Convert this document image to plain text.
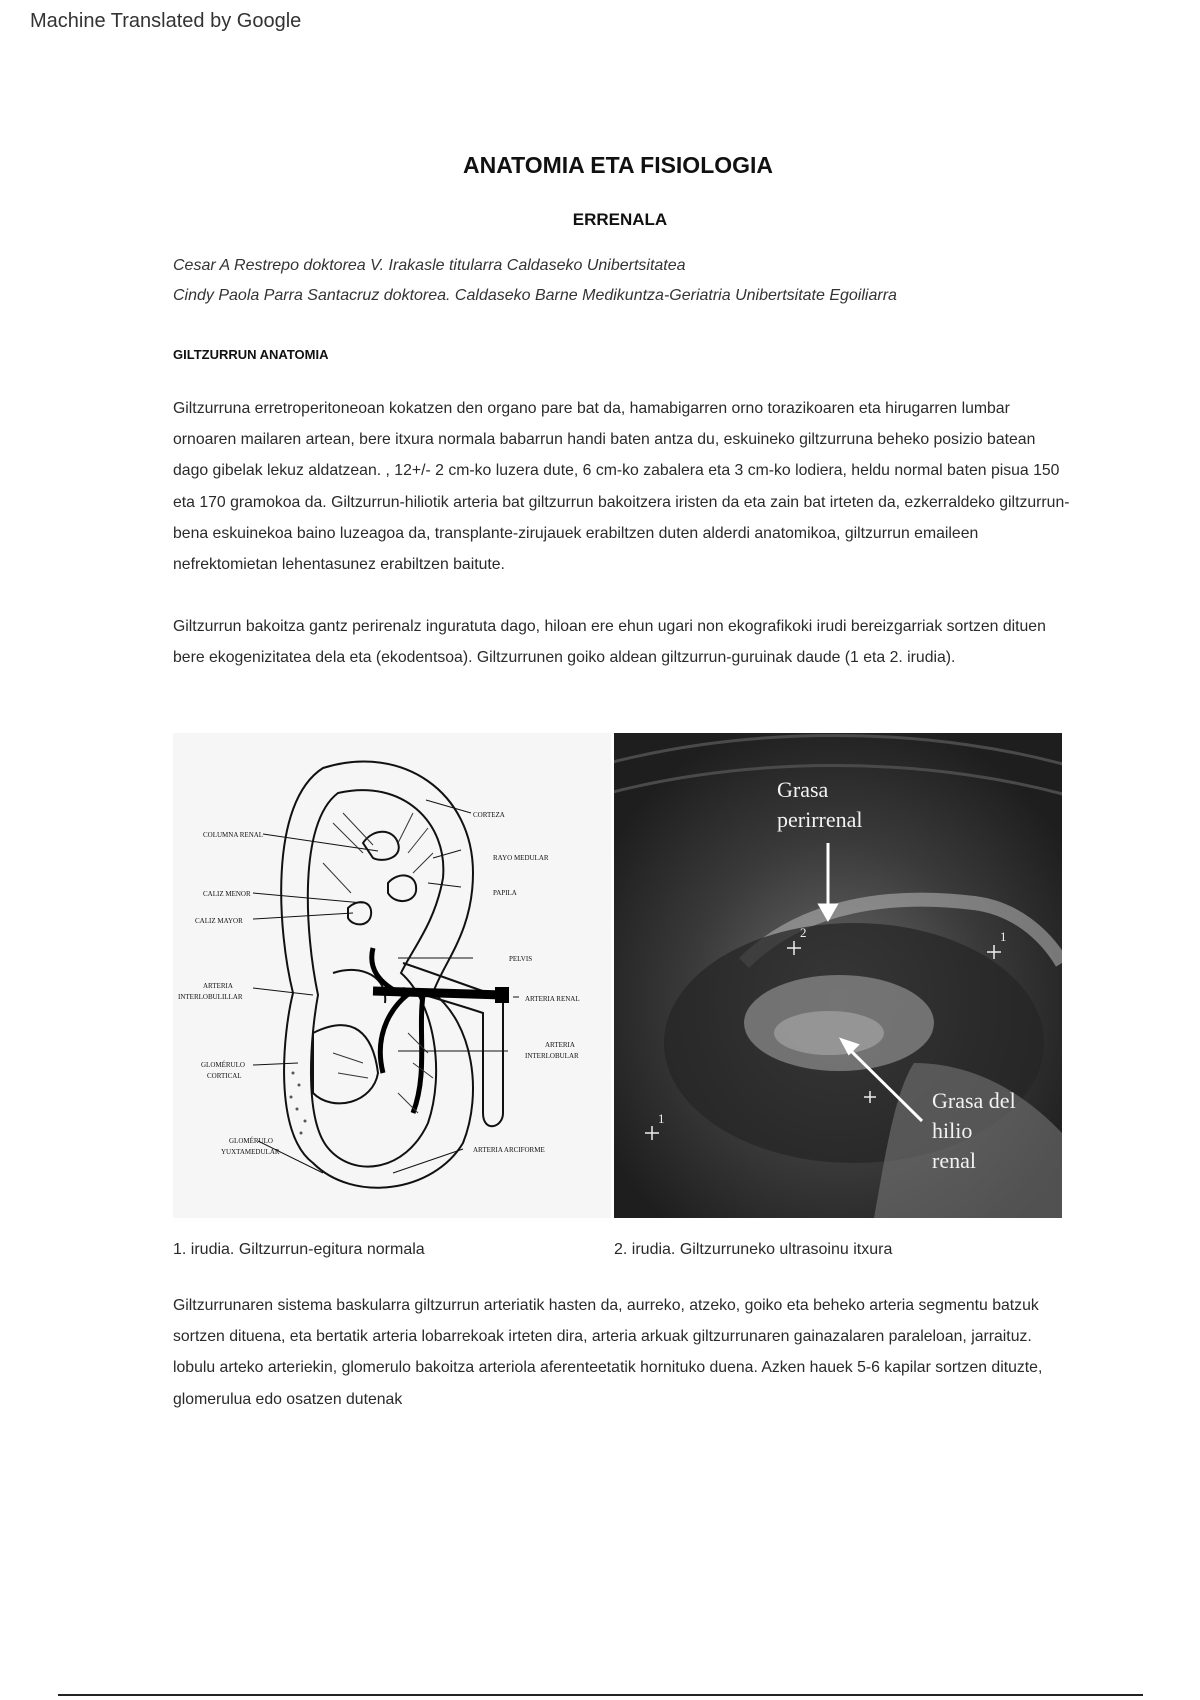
Machine Translated by Google
ANATOMIA ETA FISIOLOGIA
ERRENALA
Cesar A Restrepo doktorea V. Irakasle titularra Caldaseko Unibertsitatea
Cindy Paola Parra Santacruz doktorea. Caldaseko Barne Medikuntza-Geriatria Unibertsitate Egoiliarra
GILTZURRUN ANATOMIA

Giltzurruna erretroperitoneoan kokatzen den organo pare bat da, hamabigarren orno torazikoaren eta hirugarren lumbar ornoaren mailaren artean, bere itxura normala babarrun handi baten antza du, eskuineko giltzurruna beheko posizio batean dago gibelak lekuz aldatzean. , 12+/- 2 cm-ko luzera dute, 6 cm-ko zabalera eta 3 cm-ko lodiera, heldu normal baten pisua 150 eta 170 gramokoa da. Giltzurrun-hiliotik arteria bat giltzurrun bakoitzera iristen da eta zain bat irteten da, ezkerraldeko giltzurrun-bena eskuinekoa baino luzeagoa da, transplante-zirujauek erabiltzen duten alderdi anatomikoa, giltzurrun emaileen nefrektomietan lehentasunez erabiltzen baitute.

Giltzurrun bakoitza gantz perirenalz inguratuta dago, hiloan ere ehun ugari non ekografikoki irudi bereizgarriak sortzen dituen bere ekogenizitatea dela eta (ekodentsoa). Giltzurrunen goiko aldean giltzurrun-guruinak daude (1 eta 2. irudia).

COLUMNA RENAL
CORTEZA
RAYO MEDULAR
PAPILA
CALIZ MENOR
CALIZ MAYOR
PELVIS
ARTERIA
INTERLOBULILLAR	ARTERIA RENAL
ARTERIA
INTERLOBULAR
GLOMÉRULO
CORTICAL
GLOMÉRULO
YUXTAMEDULAR	ARTERIA ARCIFORME
2	1
1
Grasa
perirrenal
Grasa del
hilio
renal
1. irudia. Giltzurrun-egitura normala	2. irudia. Giltzurruneko ultrasoinu itxura

Giltzurrunaren sistema baskularra giltzurrun arteriatik hasten da, aurreko, atzeko, goiko eta beheko arteria segmentu batzuk sortzen dituena, eta bertatik arteria lobarrekoak irteten dira, arteria arkuak giltzurrunaren gainazalaren paraleloan, jarraituz. lobulu arteko arteriekin, glomerulo bakoitza arteriola aferenteetatik hornituko duena. Azken hauek 5-6 kapilar sortzen dituzte, glomerulua edo osatzen dutenak
